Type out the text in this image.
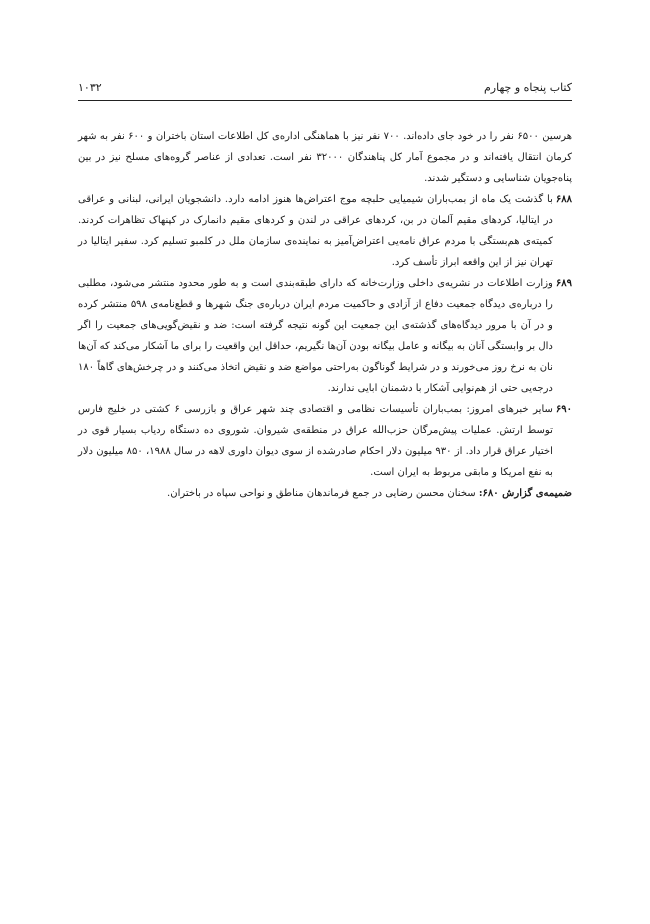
کتاب پنجاه و چهارم
۱۰۳۲

هرسین ۶۵۰۰ نفر را در خود جای داده‌اند. ۷۰۰ نفر نیز با هماهنگی اداره‌ی کل اطلاعات استان باختران و ۶۰۰ نفر به شهر کرمان انتقال یافته‌اند و در مجموع آمار کل پناهندگان ۳۲۰۰۰ نفر است. تعدادی از عناصر گروه‌های مسلح نیز در بین پناه‌جویان شناسایی و دستگیر شدند.

۶۸۸
با گذشت یک ماه از بمب‌باران شیمیایی حلبچه موج اعتراض‌ها هنوز ادامه دارد. دانشجویان ایرانی، لبنانی و عراقی در ایتالیا، کردهای مقیم آلمان در بن، کردهای عراقی در لندن و کردهای مقیم دانمارک در کپنهاک تظاهرات کردند. کمیته‌ی هم‌بستگی با مردم عراق نامه‌یی اعتراض‌آمیز به نماینده‌ی سازمان ملل در کلمبو تسلیم کرد. سفیر ایتالیا در تهران نیز از این واقعه ابراز تأسف کرد.
۶۸۹
وزارت اطلاعات در نشریه‌ی داخلی وزارت‌خانه که دارای طبقه‌بندی است و به طور محدود منتشر می‌شود، مطلبی را درباره‌ی دیدگاه جمعیت دفاع از آزادی و حاکمیت مردم ایران درباره‌ی جنگ شهرها و قطع‌نامه‌ی ۵۹۸ منتشر کرده و در آن با مرور دیدگاه‌های گذشته‌ی این جمعیت این گونه نتیجه گرفته است: ضد و نقیض‌گویی‌های جمعیت را اگر دال بر وابستگی آنان به بیگانه و عامل بیگانه بودن آن‌ها نگیریم، حداقل این واقعیت را برای ما آشکار می‌کند که آن‌ها نان به نرخ روز می‌خورند و در شرایط گوناگون به‌راحتی مواضع ضد و نقیض اتخاذ می‌کنند و در چرخش‌های گاهاً ۱۸۰ درجه‌یی حتی از هم‌نوایی آشکار با دشمنان ابایی ندارند.
۶۹۰
سایر خبرهای امروز: بمب‌باران تأسیسات نظامی و اقتصادی چند شهر عراق و بازرسی ۶ کشتی در خلیج فارس توسط ارتش. عملیات پیش‌مرگان حزب‌الله عراق در منطقه‌ی شیروان. شوروی ده دستگاه ردیاب بسیار قوی در اختیار عراق قرار داد. از ۹۳۰ میلیون دلار احکام صادرشده از سوی دیوان داوری لاهه در سال ۱۹۸۸، ۸۵۰ میلیون دلار به نفع امریکا و مابقی مربوط به ایران است.

ضمیمه‌ی گزارش ۶۸۰: سخنان محسن رضایی در جمع فرماندهان مناطق و نواحی سپاه در باختران.
